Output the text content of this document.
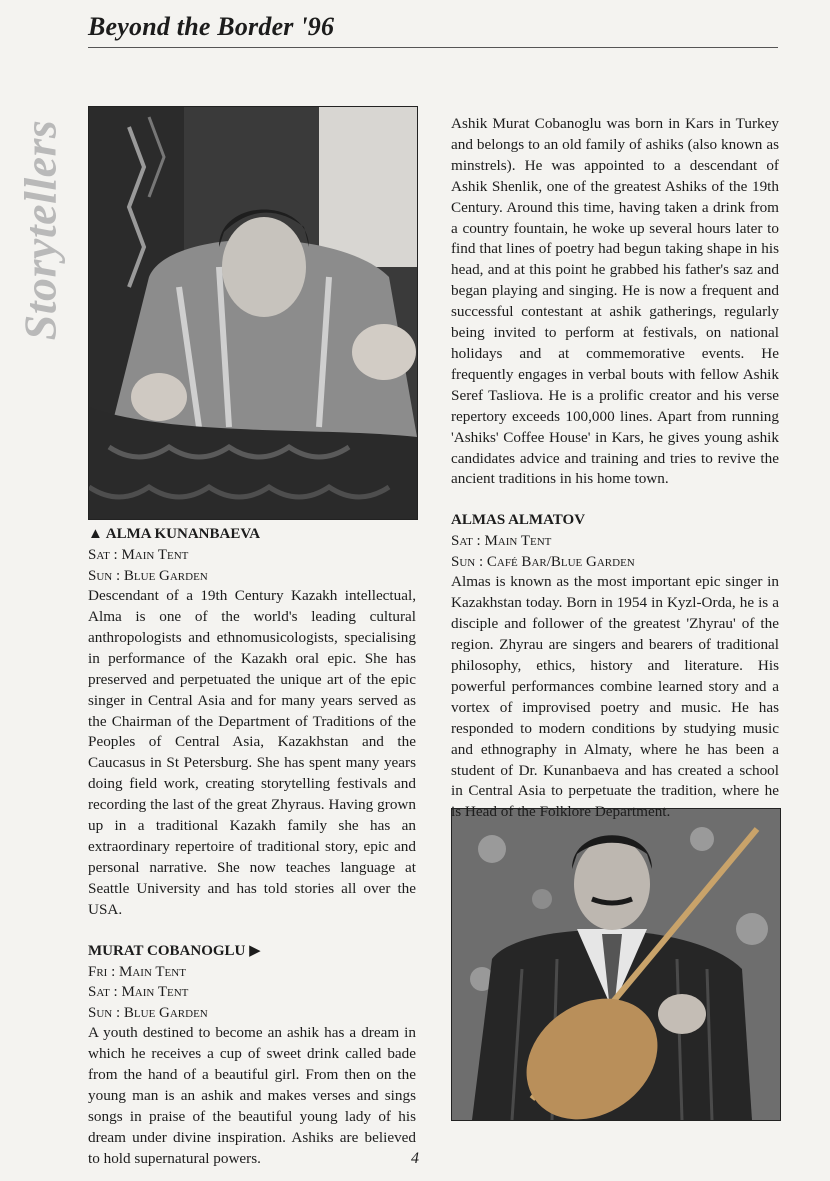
Beyond the Border '96
Storytellers
▲ ALMA KUNANBAEVA
Sat : Main Tent
Sun : Blue Garden

Descendant of a 19th Century Kazakh intellectual, Alma is one of the world's leading cultural anthropologists and ethnomusicologists, specialising in performance of the Kazakh oral epic. She has preserved and perpetuated the unique art of the epic singer in Central Asia and for many years served as the Chairman of the Department of Traditions of the Peoples of Central Asia, Kazakhstan and the Caucasus in St Petersburg. She has spent many years doing field work, creating storytelling festivals and recording the last of the great Zhyraus. Having grown up in a traditional Kazakh family she has an extraordinary repertoire of traditional story, epic and personal narrative. She now teaches language at Seattle University and has told stories all over the USA.

MURAT COBANOGLU ▶
Fri : Main Tent
Sat : Main Tent
Sun : Blue Garden

A youth destined to become an ashik has a dream in which he receives a cup of sweet drink called bade from the hand of a beautiful girl. From then on the young man is an ashik and makes verses and sings songs in praise of the beautiful young lady of his dream under divine inspiration. Ashiks are believed to hold supernatural powers.

Ashik Murat Cobanoglu was born in Kars in Turkey and belongs to an old family of ashiks (also known as minstrels). He was appointed to a descendant of Ashik Shenlik, one of the greatest Ashiks of the 19th Century. Around this time, having taken a drink from a country fountain, he woke up several hours later to find that lines of poetry had begun taking shape in his head, and at this point he grabbed his father's saz and began playing and singing. He is now a frequent and successful contestant at ashik gatherings, regularly being invited to perform at festivals, on national holidays and at commemorative events. He frequently engages in verbal bouts with fellow Ashik Seref Tasliova. He is a prolific creator and his verse repertory exceeds 100,000 lines. Apart from running 'Ashiks' Coffee House' in Kars, he gives young ashik candidates advice and training and tries to revive the ancient traditions in his home town.

ALMAS ALMATOV
Sat : Main Tent
Sun : Café Bar/Blue Garden

Almas is known as the most important epic singer in Kazakhstan today. Born in 1954 in Kyzl-Orda, he is a disciple and follower of the greatest 'Zhyrau' of the region. Zhyrau are singers and bearers of traditional philosophy, ethics, history and literature. His powerful performances combine learned story and a vortex of improvised poetry and music. He has responded to modern conditions by studying music and ethnography in Almaty, where he has been a student of Dr. Kunanbaeva and has created a school in Central Asia to perpetuate the tradition, where he is Head of the Folklore Department.

4
